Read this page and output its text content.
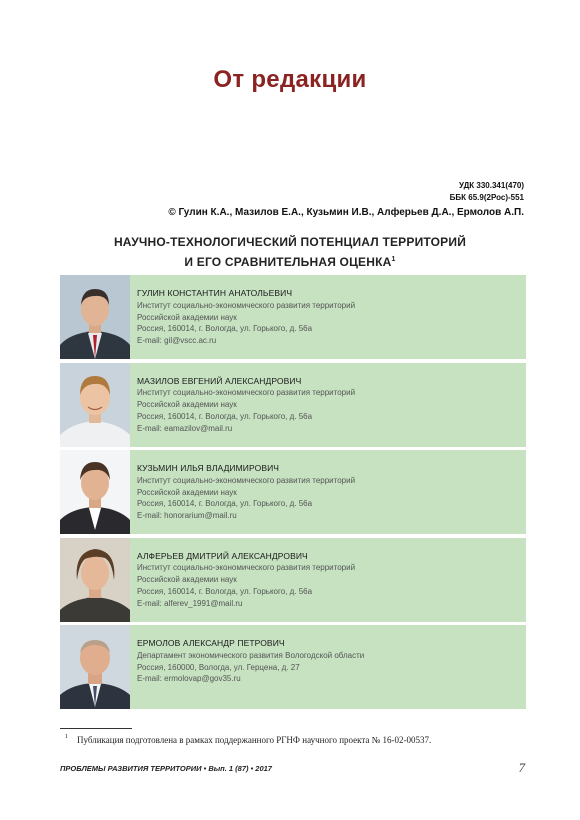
От редакции
УДК 330.341(470)
ББК 65.9(2Рос)-551
© Гулин К.А., Мазилов Е.А., Кузьмин И.В., Алферьев Д.А., Ермолов А.П.
НАУЧНО-ТЕХНОЛОГИЧЕСКИЙ ПОТЕНЦИАЛ ТЕРРИТОРИЙ
И ЕГО СРАВНИТЕЛЬНАЯ ОЦЕНКА$^1$
ГУЛИН КОНСТАНТИН АНАТОЛЬЕВИЧ
Институт социально-экономического развития территорий
Российской академии наук
Россия, 160014, г. Вологда, ул. Горького, д. 56а
E-mail: gil@vscc.ac.ru
МАЗИЛОВ ЕВГЕНИЙ АЛЕКСАНДРОВИЧ
Институт социально-экономического развития территорий
Российской академии наук
Россия, 160014, г. Вологда, ул. Горького, д. 56а
E-mail: eamazilov@mail.ru
КУЗЬМИН ИЛЬЯ ВЛАДИМИРОВИЧ
Институт социально-экономического развития территорий
Российской академии наук
Россия, 160014, г. Вологда, ул. Горького, д. 56а
E-mail: honorarium@mail.ru
АЛФЕРЬЕВ ДМИТРИЙ АЛЕКСАНДРОВИЧ
Институт социально-экономического развития территорий
Российской академии наук
Россия, 160014, г. Вологда, ул. Горького, д. 56а
E-mail: alferev_1991@mail.ru
ЕРМОЛОВ АЛЕКСАНДР ПЕТРОВИЧ
Департамент экономического развития Вологодской области
Россия, 160000, Вологда, ул. Герцена, д. 27
E-mail: ermolovap@gov35.ru
1 Публикация подготовлена в рамках поддержанного РГНФ научного проекта № 16-02-00537.
ПРОБЛЕМЫ РАЗВИТИЯ ТЕРРИТОРИИ • Вып. 1 (87) • 2017	7
